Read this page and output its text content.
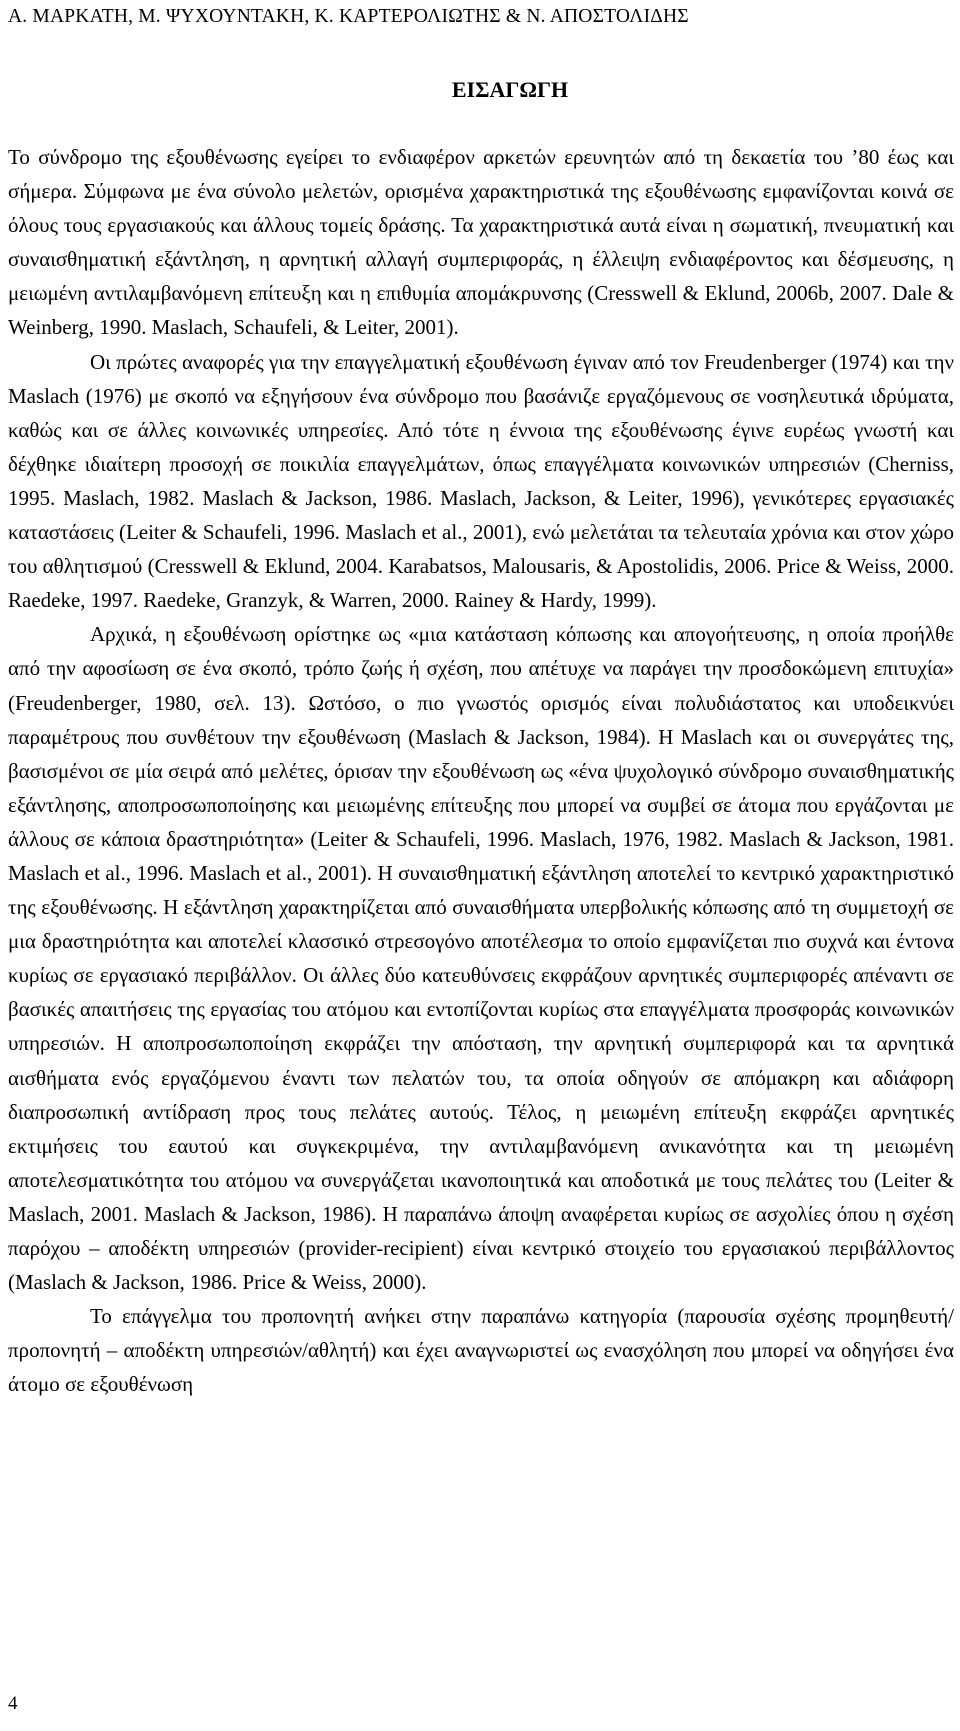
Α. ΜΑΡΚΑΤΗ, Μ. ΨΥΧΟΥΝΤΑΚΗ, Κ. ΚΑΡΤΕΡΟΛΙΩΤΗΣ & Ν. ΑΠΟΣΤΟΛΙΔΗΣ
ΕΙΣΑΓΩΓΗ

Το σύνδρομο της εξουθένωσης εγείρει το ενδιαφέρον αρκετών ερευνητών από τη δεκαετία του ’80 έως και σήμερα. Σύμφωνα με ένα σύνολο μελετών, ορισμένα χαρακτηριστικά της εξουθένωσης εμφανίζονται κοινά σε όλους τους εργασιακούς και άλλους τομείς δράσης. Τα χαρακτηριστικά αυτά είναι η σωματική, πνευματική και συναισθηματική εξάντληση, η αρνητική αλλαγή συμπεριφοράς, η έλλειψη ενδιαφέροντος και δέσμευσης, η μειωμένη αντιλαμβανόμενη επίτευξη και η επιθυμία απομάκρυνσης (Cresswell & Eklund, 2006b, 2007. Dale & Weinberg, 1990. Maslach, Schaufeli, & Leiter, 2001).

Οι πρώτες αναφορές για την επαγγελματική εξουθένωση έγιναν από τον Freudenberger (1974) και την Maslach (1976) με σκοπό να εξηγήσουν ένα σύνδρομο που βασάνιζε εργαζόμενους σε νοσηλευτικά ιδρύματα, καθώς και σε άλλες κοινωνικές υπηρεσίες. Από τότε η έννοια της εξουθένωσης έγινε ευρέως γνωστή και δέχθηκε ιδιαίτερη προσοχή σε ποικιλία επαγγελμάτων, όπως επαγγέλματα κοινωνικών υπηρεσιών (Cherniss, 1995. Maslach, 1982. Maslach & Jackson, 1986. Maslach, Jackson, & Leiter, 1996), γενικότερες εργασιακές καταστάσεις (Leiter & Schaufeli, 1996. Maslach et al., 2001), ενώ μελετάται τα τελευταία χρόνια και στον χώρο του αθλητισμού (Cresswell & Eklund, 2004. Karabatsos, Malousaris, & Apostolidis, 2006. Price & Weiss, 2000. Raedeke, 1997. Raedeke, Granzyk, & Warren, 2000. Rainey & Hardy, 1999).

Αρχικά, η εξουθένωση ορίστηκε ως «μια κατάσταση κόπωσης και απογοήτευσης, η οποία προήλθε από την αφοσίωση σε ένα σκοπό, τρόπο ζωής ή σχέση, που απέτυχε να παράγει την προσδοκώμενη επιτυχία» (Freudenberger, 1980, σελ. 13). Ωστόσο, ο πιο γνωστός ορισμός είναι πολυδιάστατος και υποδεικνύει παραμέτρους που συνθέτουν την εξουθένωση (Maslach & Jackson, 1984). Η Maslach και οι συνεργάτες της, βασισμένοι σε μία σειρά από μελέτες, όρισαν την εξουθένωση ως «ένα ψυχολογικό σύνδρομο συναισθηματικής εξάντλησης, αποπροσωποποίησης και μειωμένης επίτευξης που μπορεί να συμβεί σε άτομα που εργάζονται με άλλους σε κάποια δραστηριότητα» (Leiter & Schaufeli, 1996. Maslach, 1976, 1982. Maslach & Jackson, 1981. Maslach et al., 1996. Maslach et al., 2001). Η συναισθηματική εξάντληση αποτελεί το κεντρικό χαρακτηριστικό της εξουθένωσης. Η εξάντληση χαρακτηρίζεται από συναισθήματα υπερβολικής κόπωσης από τη συμμετοχή σε μια δραστηριότητα και αποτελεί κλασσικό στρεσογόνο αποτέλεσμα το οποίο εμφανίζεται πιο συχνά και έντονα κυρίως σε εργασιακό περιβάλλον. Οι άλλες δύο κατευθύνσεις εκφράζουν αρνητικές συμπεριφορές απέναντι σε βασικές απαιτήσεις της εργασίας του ατόμου και εντοπίζονται κυρίως στα επαγγέλματα προσφοράς κοινωνικών υπηρεσιών. Η αποπροσωποποίηση εκφράζει την απόσταση, την αρνητική συμπεριφορά και τα αρνητικά αισθήματα ενός εργαζόμενου έναντι των πελατών του, τα οποία οδηγούν σε απόμακρη και αδιάφορη διαπροσωπική αντίδραση προς τους πελάτες αυτούς. Τέλος, η μειωμένη επίτευξη εκφράζει αρνητικές εκτιμήσεις του εαυτού και συγκεκριμένα, την αντιλαμβανόμενη ανικανότητα και τη μειωμένη αποτελεσματικότητα του ατόμου να συνεργάζεται ικανοποιητικά και αποδοτικά με τους πελάτες του (Leiter & Maslach, 2001. Maslach & Jackson, 1986). Η παραπάνω άποψη αναφέρεται κυρίως σε ασχολίες όπου η σχέση παρόχου – αποδέκτη υπηρεσιών (provider-recipient) είναι κεντρικό στοιχείο του εργασιακού περιβάλλοντος (Maslach & Jackson, 1986. Price & Weiss, 2000).

Το επάγγελμα του προπονητή ανήκει στην παραπάνω κατηγορία (παρουσία σχέσης προμηθευτή/προπονητή – αποδέκτη υπηρεσιών/αθλητή) και έχει αναγνωριστεί ως ενασχόληση που μπορεί να οδηγήσει ένα άτομο σε εξουθένωση

4
